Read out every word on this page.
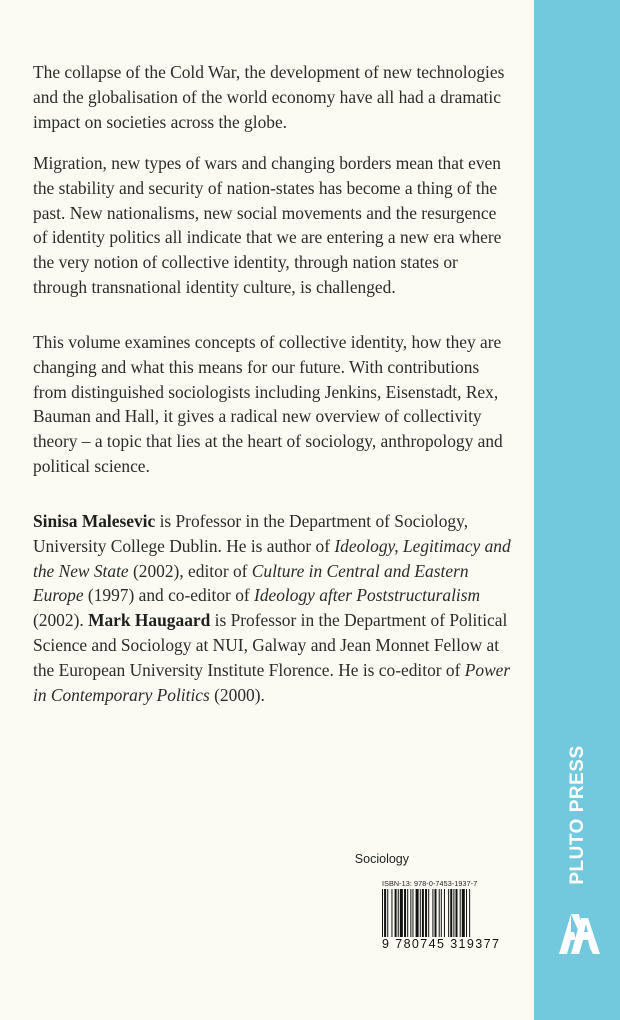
The collapse of the Cold War, the development of new technologies and the globalisation of the world economy have all had a dramatic impact on societies across the globe.

Migration, new types of wars and changing borders mean that even the stability and security of nation-states has become a thing of the past. New nationalisms, new social movements and the resurgence of identity politics all indicate that we are entering a new era where the very notion of collective identity, through nation states or through transnational identity culture, is challenged.

This volume examines concepts of collective identity, how they are changing and what this means for our future. With contributions from distinguished sociologists including Jenkins, Eisenstadt, Rex, Bauman and Hall, it gives a radical new overview of collectivity theory – a topic that lies at the heart of sociology, anthropology and political science.

Sinisa Malesevic is Professor in the Department of Sociology, University College Dublin. He is author of Ideology, Legitimacy and the New State (2002), editor of Culture in Central and Eastern Europe (1997) and co-editor of Ideology after Poststructuralism (2002). Mark Haugaard is Professor in the Department of Political Science and Sociology at NUI, Galway and Jean Monnet Fellow at the European University Institute Florence. He is co-editor of Power in Contemporary Politics (2000).

Sociology
ISBN-13: 978-0-7453-1937-7
9 780745 319377
PLUTO PRESS
